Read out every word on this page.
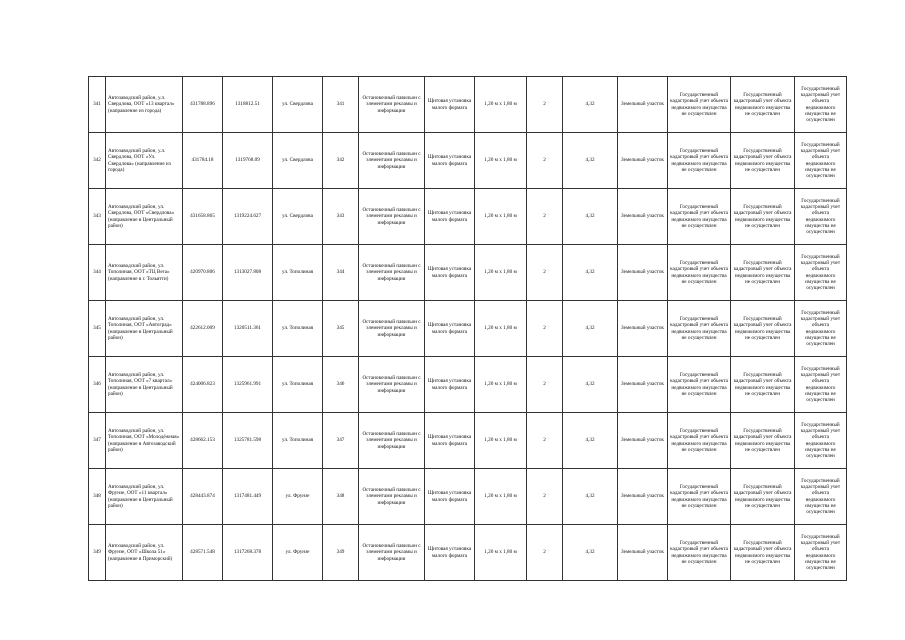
341	Автозаводский район, у.л. Свердлова, ООТ «13 квартал» (направление из города)	431788.896	1318812.51	ул. Свердлова	341	Остановочный павильон с элементами рекламы и информации	Щитовая установка малого формата	1,20 м х 1,80 м	2	4,32	Земельный участок	Государственный кадастровый учет объекта недвижимого имущества не осуществлен	Государственный кадастровый учет объекта недвижимого имущества не осуществлен	Государственный кадастровый учет объекта недвижимого имущества не осуществлен
342	Автозаводский район, у.л. Свердлова, ООТ «Ул. Свердлова» (направление из города)	431784.18	1319768.09	ул. Свердлова	342	Остановочный павильон с элементами рекламы и информации	Щитовая установка малого формата	1,20 м х 1,80 м	2	4,32	Земельный участок	Государственный кадастровый учет объекта недвижимого имущества не осуществлен	Государственный кадастровый учет объекта недвижимого имущества не осуществлен	Государственный кадастровый учет объекта недвижимого имущества не осуществлен
343	Автозаводский район, ул. Свердлова, ООТ «Свердлова» (направление в Центральный район)	431658.865	1319224.627	ул. Свердлова	343	Остановочный павильон с элементами рекламы и информации	Щитовая установка малого формата	1,20 м х 1,80 м	2	4,32	Земельный участок	Государственный кадастровый учет объекта недвижимого имущества не осуществлен	Государственный кадастровый учет объекта недвижимого имущества не осуществлен	Государственный кадастровый учет объекта недвижимого имущества не осуществлен
344	Автозаводский район, ул. Тополиная, ООТ «ТЦ Вега» (направление в г. Тольятти)	420970.806	1313027.808	ул. Тополиная	344	Остановочный павильон с элементами рекламы и информации	Щитовая установка малого формата	1,20 м х 1,80 м	2	4,32	Земельный участок	Государственный кадастровый учет объекта недвижимого имущества не осуществлен	Государственный кадастровый учет объекта недвижимого имущества не осуществлен	Государственный кадастровый учет объекта недвижимого имущества не осуществлен
345	Автозаводский район, ул. Тополиная, ООТ «Автоград» (направление в Центральный район)	422612.009	1320511.361	ул. Тополиная	345	Остановочный павильон с элементами рекламы и информации	Щитовая установка малого формата	1,20 м х 1,80 м	2	4,32	Земельный участок	Государственный кадастровый учет объекта недвижимого имущества не осуществлен	Государственный кадастровый учет объекта недвижимого имущества не осуществлен	Государственный кадастровый учет объекта недвижимого имущества не осуществлен
346	Автозаводский район, ул. Тополиная, ООТ «7 квартал» (направление в Центральный район)	424006.823	1325961.991	ул. Тополиная	346	Остановочный павильон с элементами рекламы и информации	Щитовая установка малого формата	1,20 м х 1,80 м	2	4,32	Земельный участок	Государственный кадастровый учет объекта недвижимого имущества не осуществлен	Государственный кадастровый учет объекта недвижимого имущества не осуществлен	Государственный кадастровый учет объекта недвижимого имущества не осуществлен
347	Автозаводский район, ул. Тополиная, ООТ «Молодёжная» (направление в Автозаводский район)	428662.153	1325781.598	ул. Тополиная	347	Остановочный павильон с элементами рекламы и информации	Щитовая установка малого формата	1,20 м х 1,80 м	2	4,32	Земельный участок	Государственный кадастровый учет объекта недвижимого имущества не осуществлен	Государственный кадастровый учет объекта недвижимого имущества не осуществлен	Государственный кадастровый учет объекта недвижимого имущества не осуществлен
348	Автозаводский район, ул. Фрунзе, ООТ «11 квартал» (направление в Центральный район)	428443.874	1317481.449	ул. Фрунзе	348	Остановочный павильон с элементами рекламы и информации	Щитовая установка малого формата	1,20 м х 1,80 м	2	4,32	Земельный участок	Государственный кадастровый учет объекта недвижимого имущества не осуществлен	Государственный кадастровый учет объекта недвижимого имущества не осуществлен	Государственный кадастровый учет объекта недвижимого имущества не осуществлен
349	Автозаводский район, ул. Фрунзе, ООТ «Школа 51» (направление в Приморский)	428571.548	1317268.378	ул. Фрунзе	349	Остановочный павильон с элементами рекламы и информации	Щитовая установка малого формата	1,20 м х 1,80 м	2	4,32	Земельный участок	Государственный кадастровый учет объекта недвижимого имущества не осуществлен	Государственный кадастровый учет объекта недвижимого имущества не осуществлен	Государственный кадастровый учет объекта недвижимого имущества не осуществлен
